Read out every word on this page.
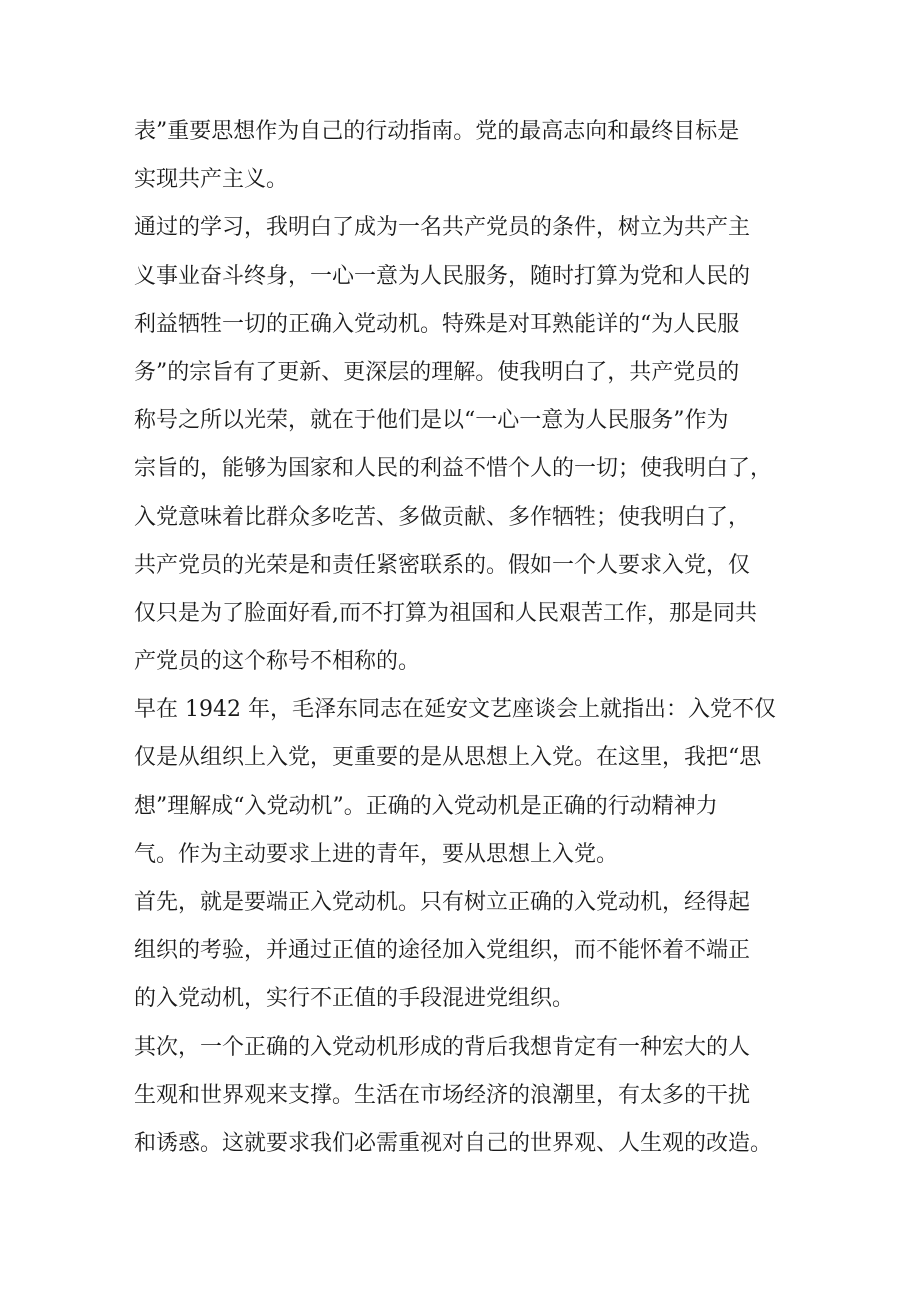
表”重要思想作为自己的行动指南。党的最高志向和最终目标是
实现共产主义。
通过的学习，我明白了成为一名共产党员的条件，树立为共产主
义事业奋斗终身，一心一意为人民服务，随时打算为党和人民的
利益牺牲一切的正确入党动机。特殊是对耳熟能详的“为人民服
务”的宗旨有了更新、更深层的理解。使我明白了，共产党员的
称号之所以光荣，就在于他们是以“一心一意为人民服务”作为
宗旨的，能够为国家和人民的利益不惜个人的一切；使我明白了，
入党意味着比群众多吃苦、多做贡献、多作牺牲；使我明白了，
共产党员的光荣是和责任紧密联系的。假如一个人要求入党，仅
仅只是为了脸面好看,而不打算为祖国和人民艰苦工作，那是同共
产党员的这个称号不相称的。
早在 1942 年，毛泽东同志在延安文艺座谈会上就指出：入党不仅
仅是从组织上入党，更重要的是从思想上入党。在这里，我把“思
想”理解成“入党动机”。正确的入党动机是正确的行动精神力
气。作为主动要求上进的青年，要从思想上入党。
首先，就是要端正入党动机。只有树立正确的入党动机，经得起
组织的考验，并通过正值的途径加入党组织，而不能怀着不端正
的入党动机，实行不正值的手段混进党组织。
其次，一个正确的入党动机形成的背后我想肯定有一种宏大的人
生观和世界观来支撑。生活在市场经济的浪潮里，有太多的干扰
和诱惑。这就要求我们必需重视对自己的世界观、人生观的改造。
